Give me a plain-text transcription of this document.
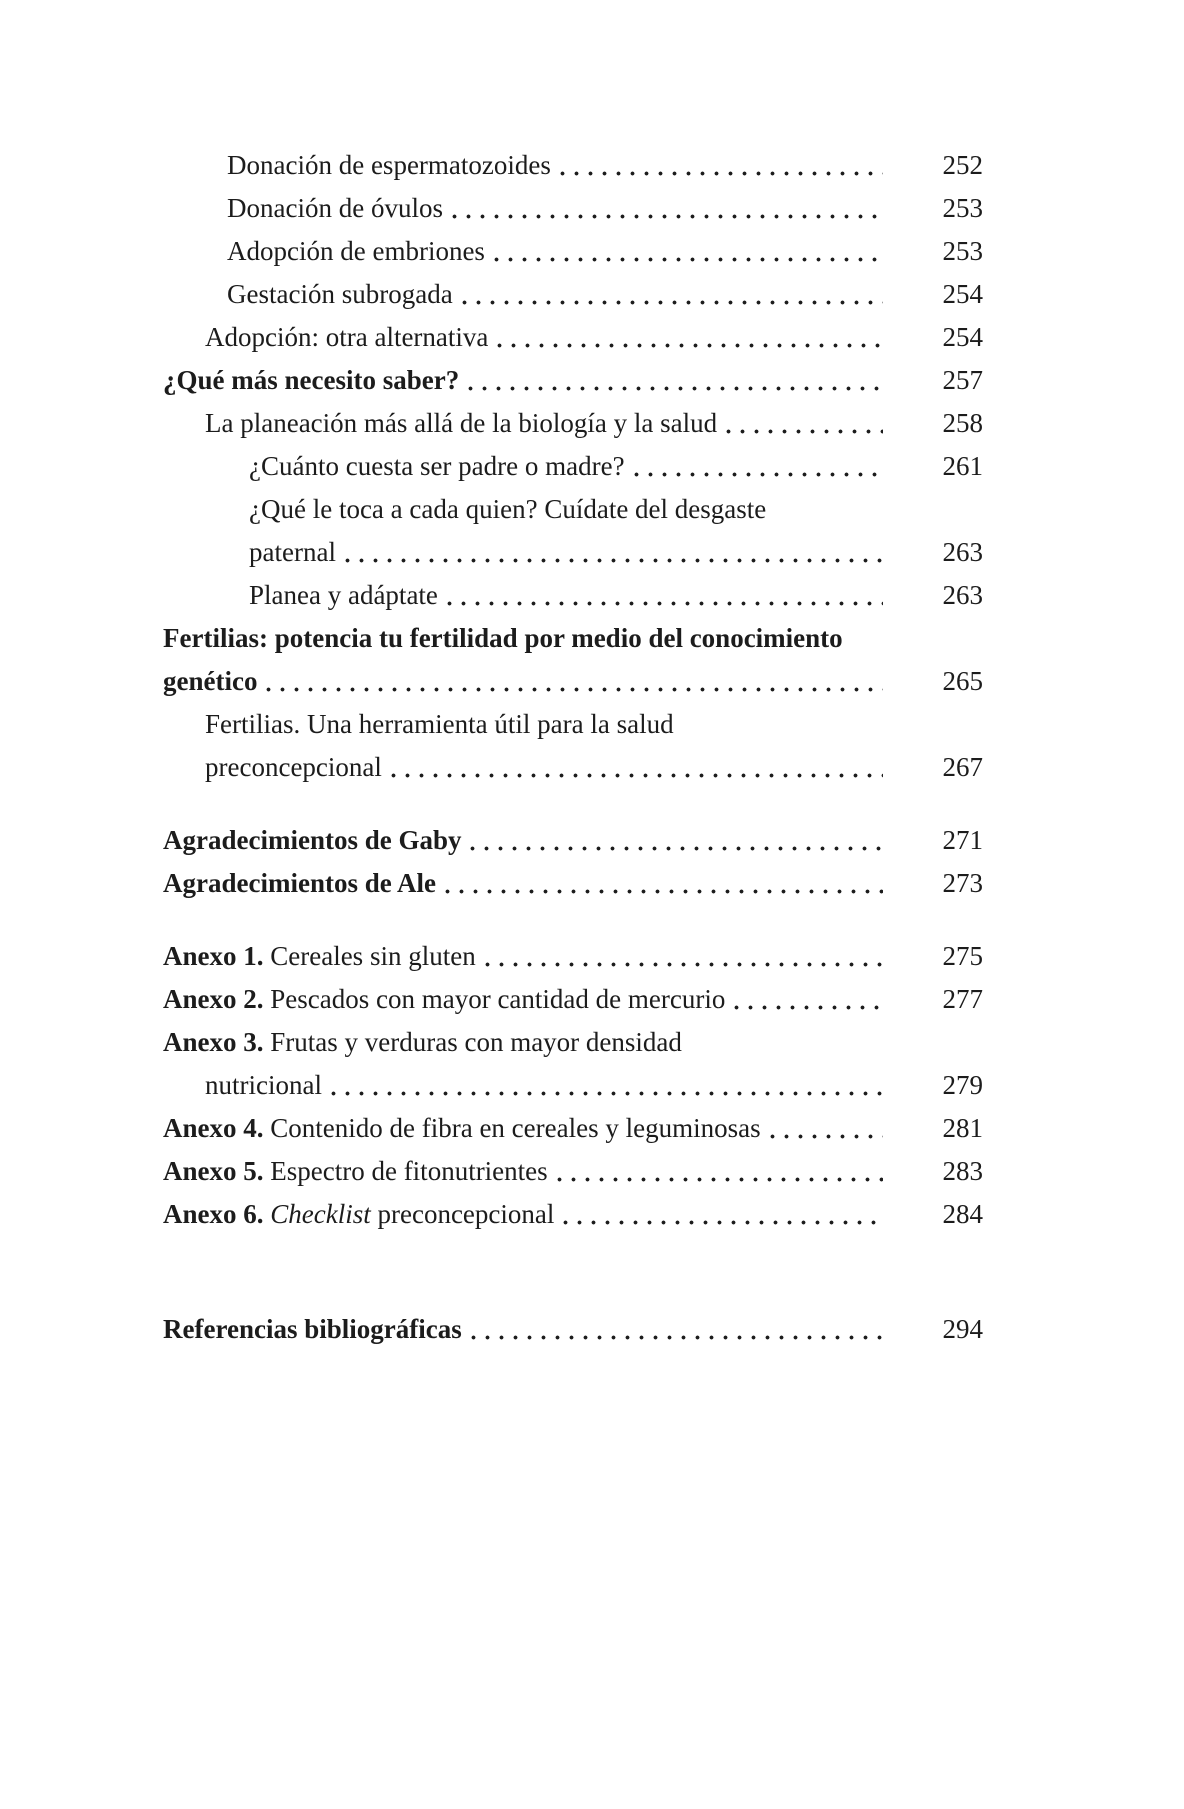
Donación de espermatozoides	252
Donación de óvulos	253
Adopción de embriones	253
Gestación subrogada	254
Adopción: otra alternativa	254
¿Qué más necesito saber?	257
La planeación más allá de la biología y la salud	258
¿Cuánto cuesta ser padre o madre?	261
¿Qué le toca a cada quien? Cuídate del desgaste
paternal	263
Planea y adáptate	263
Fertilias: potencia tu fertilidad por medio del conocimiento
genético	265
Fertilias. Una herramienta útil para la salud
preconcepcional	267
Agradecimientos de Gaby	271
Agradecimientos de Ale	273
Anexo 1. Cereales sin gluten	275
Anexo 2. Pescados con mayor cantidad de mercurio	277
Anexo 3. Frutas y verduras con mayor densidad
nutricional	279
Anexo 4. Contenido de fibra en cereales y leguminosas	281
Anexo 5. Espectro de fitonutrientes	283
Anexo 6. Checklist preconcepcional	284
Referencias bibliográficas	294
